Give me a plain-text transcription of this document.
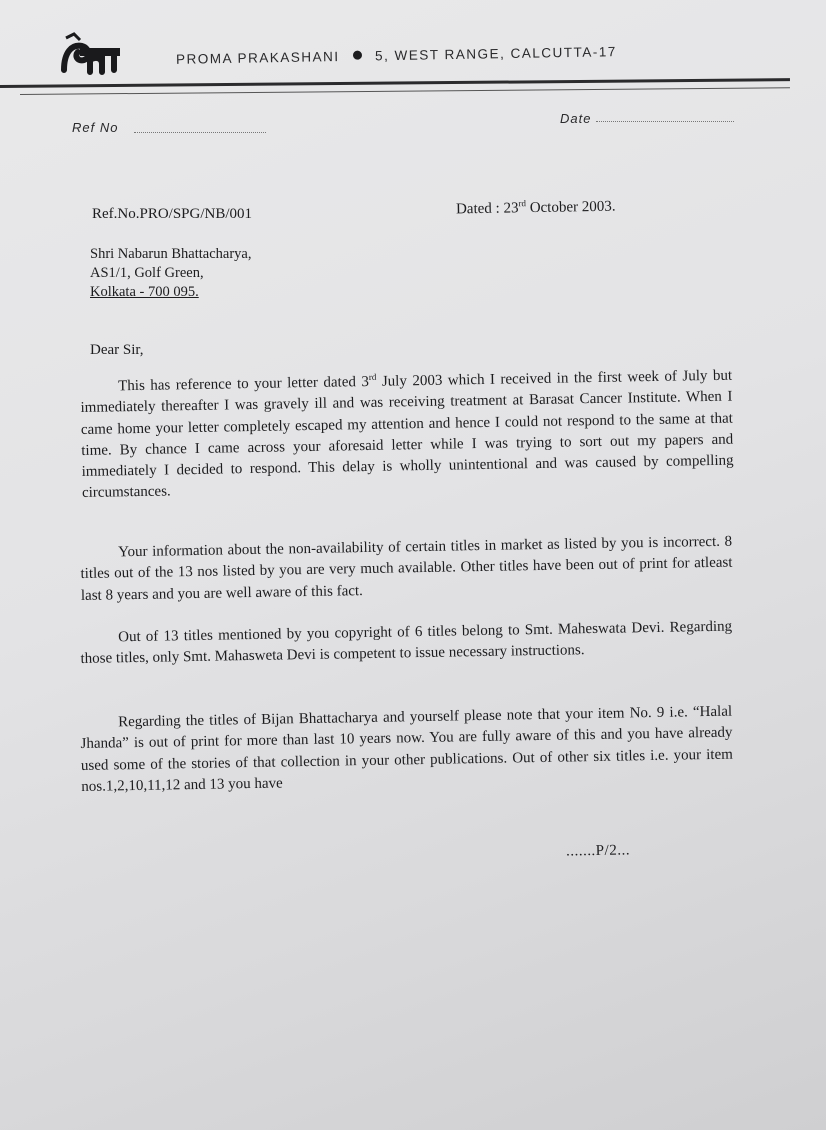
PROMA PRAKASHANI	5, WEST RANGE, CALCUTTA-17
Ref No
Date
Ref.No.PRO/SPG/NB/001	Dated : 23rd October 2003.
Shri Nabarun Bhattacharya,
AS1/1, Golf Green,
Kolkata - 700 095.
Dear Sir,
This has reference to your letter dated 3rd July 2003 which I received in the first week of July but immediately thereafter I was gravely ill and was receiving treatment at Barasat Cancer Institute. When I came home your letter completely escaped my attention and hence I could not respond to the same at that time. By chance I came across your aforesaid letter while I was trying to sort out my papers and immediately I decided to respond. This delay is wholly unintentional and was caused by compelling circumstances.
Your information about the non-availability of certain titles in market as listed by you is incorrect. 8 titles out of the 13 nos listed by you are very much available. Other titles have been out of print for atleast last 8 years and you are well aware of this fact.
Out of 13 titles mentioned by you copyright of 6 titles belong to Smt. Maheswata Devi. Regarding those titles, only Smt. Mahasweta Devi is competent to issue necessary instructions.
Regarding the titles of Bijan Bhattacharya and yourself please note that your item No. 9 i.e. “Halal Jhanda” is out of print for more than last 10 years now. You are fully aware of this and you have already used some of the stories of that collection in your other publications. Out of other six titles i.e. your item nos.1,2,10,11,12 and 13 you have
.......P/2...
